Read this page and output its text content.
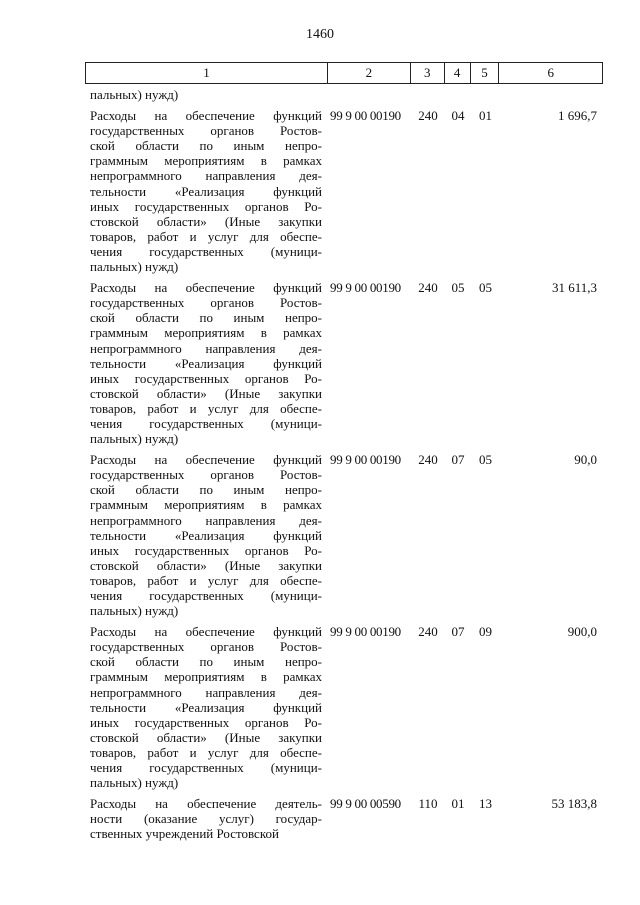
1460
1	2	3	4	5	6
пальных) нужд)
Расходы на обеспечение функций
государственных органов Ростов-
ской области по иным непро-
граммным мероприятиям в рамках
непрограммного направления дея-
тельности «Реализация функций
иных государственных органов Ро-
стовской области» (Иные закупки
товаров, работ и услуг для обеспе-
чения государственных (муници-
пальных) нужд)
99 9 00 00190	240	04	01	1 696,7
Расходы на обеспечение функций
государственных органов Ростов-
ской области по иным непро-
граммным мероприятиям в рамках
непрограммного направления дея-
тельности «Реализация функций
иных государственных органов Ро-
стовской области» (Иные закупки
товаров, работ и услуг для обеспе-
чения государственных (муници-
пальных) нужд)
99 9 00 00190	240	05	05	31 611,3
Расходы на обеспечение функций
государственных органов Ростов-
ской области по иным непро-
граммным мероприятиям в рамках
непрограммного направления дея-
тельности «Реализация функций
иных государственных органов Ро-
стовской области» (Иные закупки
товаров, работ и услуг для обеспе-
чения государственных (муници-
пальных) нужд)
99 9 00 00190	240	07	05	90,0
Расходы на обеспечение функций
государственных органов Ростов-
ской области по иным непро-
граммным мероприятиям в рамках
непрограммного направления дея-
тельности «Реализация функций
иных государственных органов Ро-
стовской области» (Иные закупки
товаров, работ и услуг для обеспе-
чения государственных (муници-
пальных) нужд)
99 9 00 00190	240	07	09	900,0
Расходы на обеспечение деятель-
ности (оказание услуг) государ-
ственных учреждений Ростовской
99 9 00 00590	110	01	13	53 183,8
